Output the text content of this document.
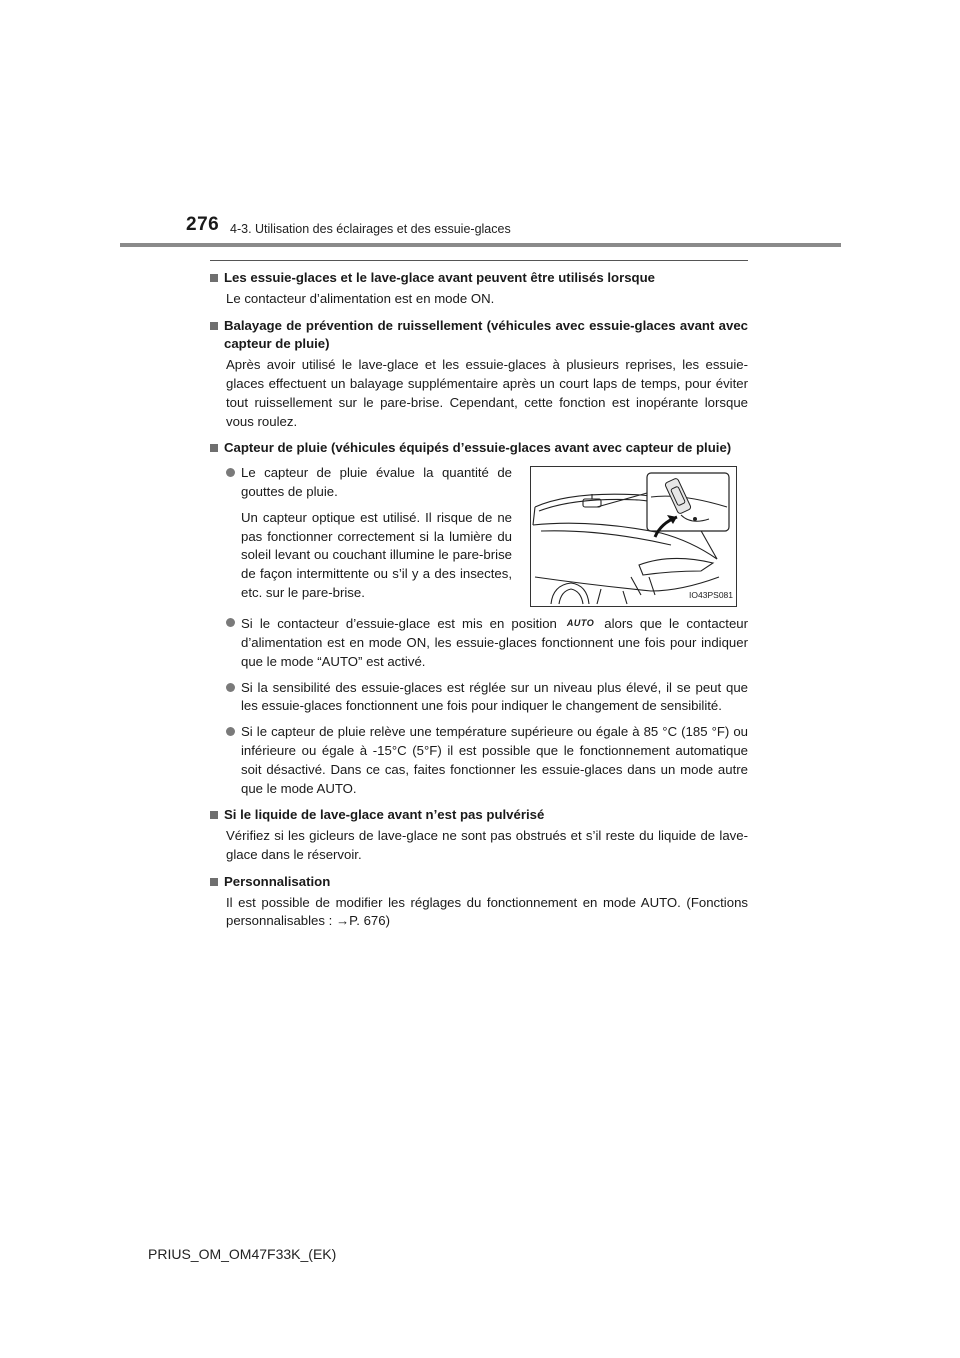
276 4-3. Utilisation des éclairages et des essuie-glaces
Les essuie-glaces et le lave-glace avant peuvent être utilisés lorsque
Le contacteur d’alimentation est en mode ON.
Balayage de prévention de ruissellement (véhicules avec essuie-glaces avant avec capteur de pluie)
Après avoir utilisé le lave-glace et les essuie-glaces à plusieurs reprises, les essuie-glaces effectuent un balayage supplémentaire après un court laps de temps, pour éviter tout ruissellement sur le pare-brise. Cependant, cette fonction est inopérante lorsque vous roulez.
Capteur de pluie (véhicules équipés d’essuie-glaces avant avec capteur de pluie)

Le capteur de pluie évalue la quantité de gouttes de pluie.

Un capteur optique est utilisé. Il risque de ne pas fonctionner correctement si la lumière du soleil levant ou couchant illumine le pare-brise de façon intermittente ou s’il y a des insectes, etc. sur le pare-brise.	IO43PS081
Si le contacteur d’essuie-glace est mis en position AUTO alors que le contacteur d’alimentation est en mode ON, les essuie-glaces fonctionnent une fois pour indiquer que le mode “AUTO” est activé.
Si la sensibilité des essuie-glaces est réglée sur un niveau plus élevé, il se peut que les essuie-glaces fonctionnent une fois pour indiquer le changement de sensibilité.
Si le capteur de pluie relève une température supérieure ou égale à 85 °C (185 °F) ou inférieure ou égale à -15°C (5°F) il est possible que le fonctionnement automatique soit désactivé. Dans ce cas, faites fonctionner les essuie-glaces dans un mode autre que le mode AUTO.
Si le liquide de lave-glace avant n’est pas pulvérisé
Vérifiez si les gicleurs de lave-glace ne sont pas obstrués et s’il reste du liquide de lave-glace dans le réservoir.
Personnalisation
Il est possible de modifier les réglages du fonctionnement en mode AUTO. (Fonctions personnalisables : →P. 676)
PRIUS_OM_OM47F33K_(EK)
